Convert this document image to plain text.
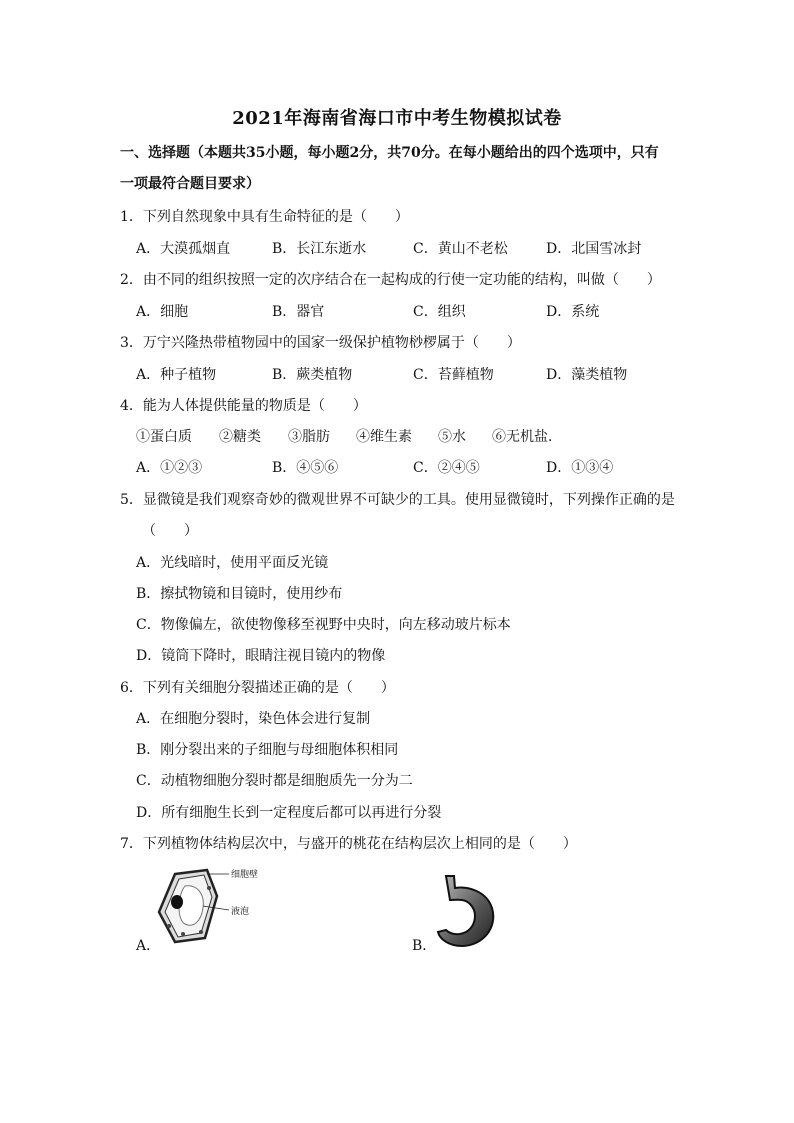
2021年海南省海口市中考生物模拟试卷
一、选择题（本题共35小题，每小题2分，共70分。在每小题给出的四个选项中，只有
一项最符合题目要求）
1．下列自然现象中具有生命特征的是（　　）
A．大漠孤烟直	B．长江东逝水	C．黄山不老松	D．北国雪冰封
2．由不同的组织按照一定的次序结合在一起构成的行使一定功能的结构，叫做（　　）
A．细胞	B．器官	C．组织	D．系统
3．万宁兴隆热带植物园中的国家一级保护植物桫椤属于（　　）
A．种子植物	B．蕨类植物	C．苔藓植物	D．藻类植物
4．能为人体提供能量的物质是（　　）
①蛋白质 ②糖类 ③脂肪 ④维生素 ⑤水 ⑥无机盐．
A．①②③	B．④⑤⑥	C．②④⑤	D．①③④
5．显微镜是我们观察奇妙的微观世界不可缺少的工具。使用显微镜时，下列操作正确的是
（　　）
A．光线暗时，使用平面反光镜
B．擦拭物镜和目镜时，使用纱布
C．物像偏左，欲使物像移至视野中央时，向左移动玻片标本
D．镜筒下降时，眼睛注视目镜内的物像
6．下列有关细胞分裂描述正确的是（　　）
A．在细胞分裂时，染色体会进行复制
B．刚分裂出来的子细胞与母细胞体积相同
C．动植物细胞分裂时都是细胞质先一分为二
D．所有细胞生长到一定程度后都可以再进行分裂
7．下列植物体结构层次中，与盛开的桃花在结构层次上相同的是（　　）
A．
细胞壁
液泡
B．
